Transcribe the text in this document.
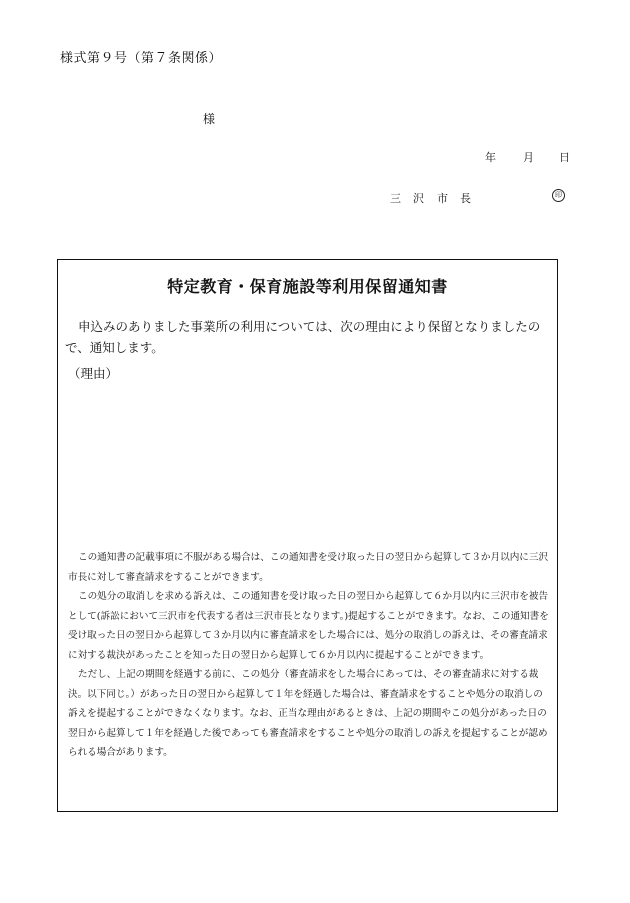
様式第９号（第７条関係）
様
年 月 日
三 沢 市 長	印
特定教育・保育施設等利用保留通知書

申込みのありました事業所の利用については、次の理由により保留となりましたので、通知します。

（理由）

この通知書の記載事項に不服がある場合は、この通知書を受け取った日の翌日から起算して３か月以内に三沢市長に対して審査請求をすることができます。

この処分の取消しを求める訴えは、この通知書を受け取った日の翌日から起算して６か月以内に三沢市を被告として(訴訟において三沢市を代表する者は三沢市長となります。)提起することができます。なお、この通知書を受け取った日の翌日から起算して３か月以内に審査請求をした場合には、処分の取消しの訴えは、その審査請求に対する裁決があったことを知った日の翌日から起算して６か月以内に提起することができます。

ただし、上記の期間を経過する前に、この処分（審査請求をした場合にあっては、その審査請求に対する裁決。以下同じ。）があった日の翌日から起算して１年を経過した場合は、審査請求をすることや処分の取消しの訴えを提起することができなくなります。なお、正当な理由があるときは、上記の期間やこの処分があった日の翌日から起算して１年を経過した後であっても審査請求をすることや処分の取消しの訴えを提起することが認められる場合があります。
